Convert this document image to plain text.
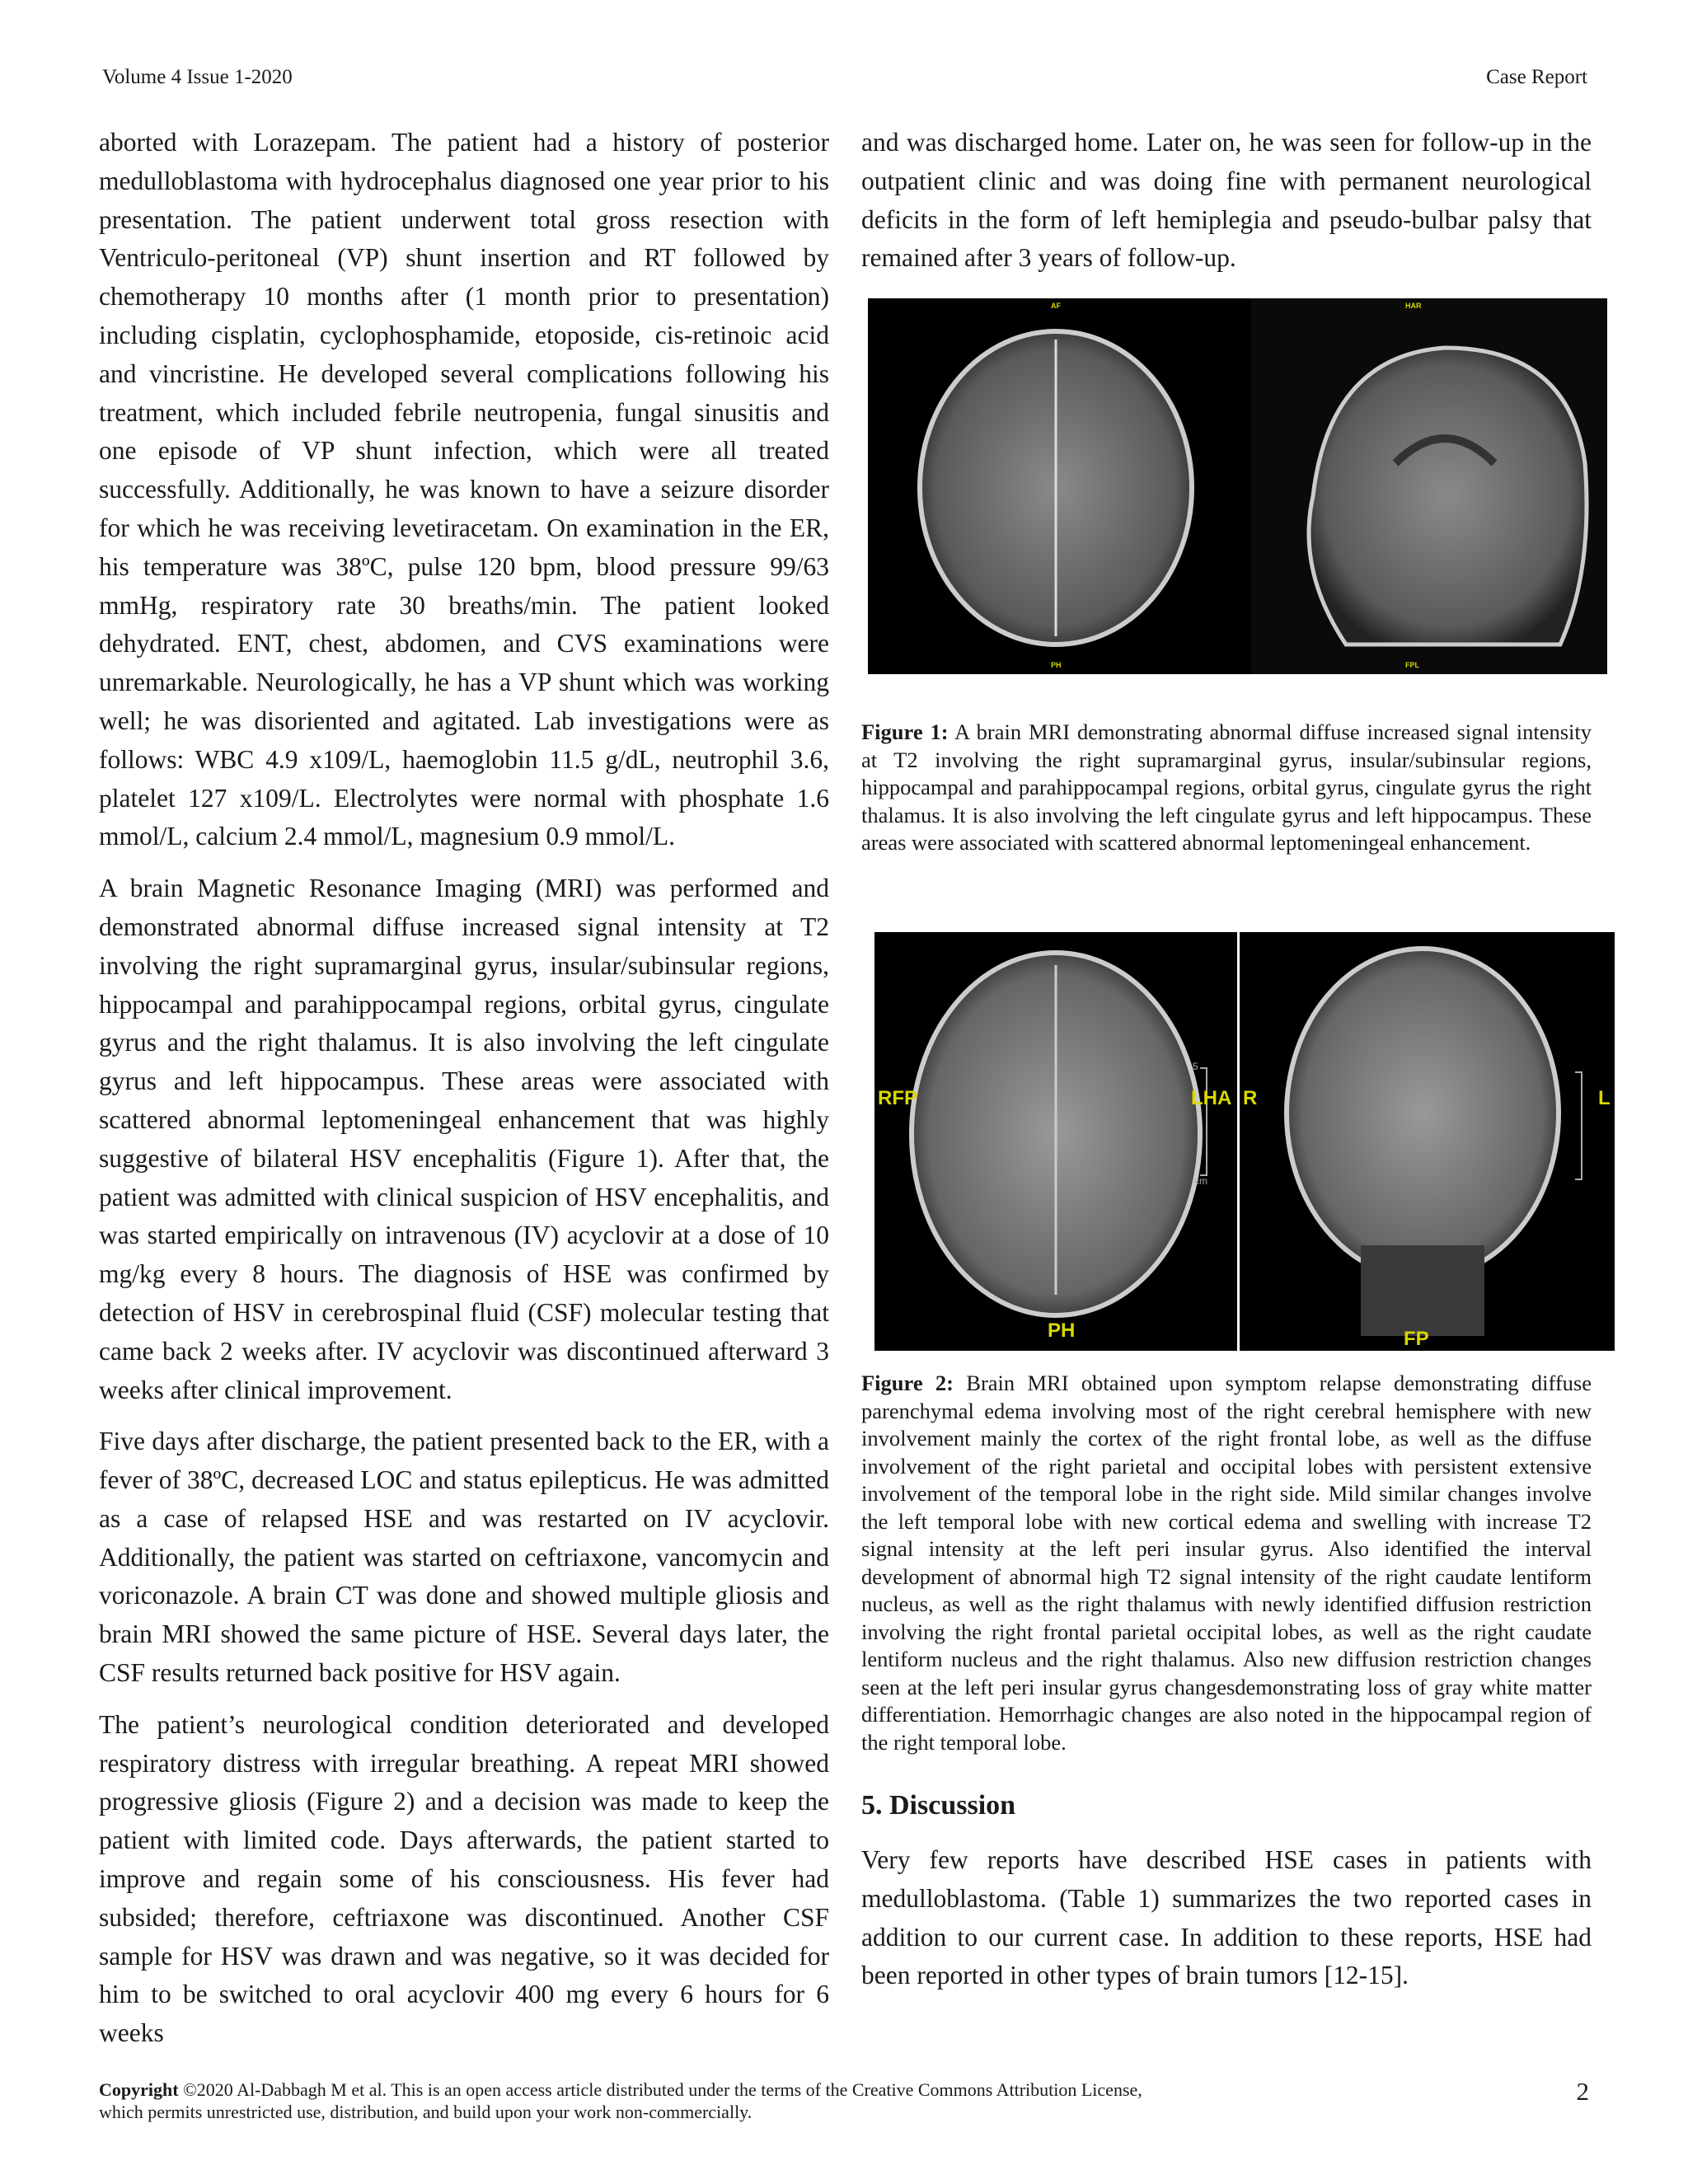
Volume 4 Issue 1-2020	Case Report

aborted with Lorazepam. The patient had a history of posterior medulloblastoma with hydrocephalus diagnosed one year prior to his presentation. The patient underwent total gross resection with Ventriculo-peritoneal (VP) shunt insertion and RT followed by chemotherapy 10 months after (1 month prior to presentation) including cisplatin, cyclophosphamide, etoposide, cis-retinoic acid and vincristine. He developed several complications following his treatment, which included febrile neutropenia, fungal sinusitis and one episode of VP shunt infection, which were all treated successfully. Additionally, he was known to have a seizure disorder for which he was receiving levetiracetam. On examination in the ER, his temperature was 38ºC, pulse 120 bpm, blood pressure 99/63 mmHg, respiratory rate 30 breaths/min. The patient looked dehydrated. ENT, chest, abdomen, and CVS examinations were unremarkable. Neurologically, he has a VP shunt which was working well; he was disoriented and agitated. Lab investigations were as follows: WBC 4.9 x109/L, haemoglobin 11.5 g/dL, neutrophil 3.6, platelet 127 x109/L. Electrolytes were normal with phosphate 1.6 mmol/L, calcium 2.4 mmol/L, magnesium 0.9 mmol/L.

A brain Magnetic Resonance Imaging (MRI) was performed and demonstrated abnormal diffuse increased signal intensity at T2 involving the right supramarginal gyrus, insular/subinsular regions, hippocampal and parahippocampal regions, orbital gyrus, cingulate gyrus and the right thalamus. It is also involving the left cingulate gyrus and left hippocampus. These areas were associated with scattered abnormal leptomeningeal enhancement that was highly suggestive of bilateral HSV encephalitis (Figure 1). After that, the patient was admitted with clinical suspicion of HSV encephalitis, and was started empirically on intravenous (IV) acyclovir at a dose of 10 mg/kg every 8 hours. The diagnosis of HSE was confirmed by detection of HSV in cerebrospinal fluid (CSF) molecular testing that came back 2 weeks after. IV acyclovir was discontinued afterward 3 weeks after clinical improvement.

Five days after discharge, the patient presented back to the ER, with a fever of 38ºC, decreased LOC and status epilepticus. He was admitted as a case of relapsed HSE and was restarted on IV acyclovir. Additionally, the patient was started on ceftriaxone, vancomycin and voriconazole. A brain CT was done and showed multiple gliosis and brain MRI showed the same picture of HSE. Several days later, the CSF results returned back positive for HSV again.

The patient’s neurological condition deteriorated and developed respiratory distress with irregular breathing. A repeat MRI showed progressive gliosis (Figure 2) and a decision was made to keep the patient with limited code. Days afterwards, the patient started to improve and regain some of his consciousness. His fever had subsided; therefore, ceftriaxone was discontinued. Another CSF sample for HSV was drawn and was negative, so it was decided for him to be switched to oral acyclovir 400 mg every 6 hours for 6 weeks

and was discharged home. Later on, he was seen for follow-up in the outpatient clinic and was doing fine with permanent neurological deficits in the form of left hemiplegia and pseudo-bulbar palsy that remained after 3 years of follow-up.

AF
PH
HAR
FPL
Figure 1: A brain MRI demonstrating abnormal diffuse increased signal intensity at T2 involving the right supramarginal gyrus, insular/subinsular regions, hippocampal and parahippocampal regions, orbital gyrus, cingulate gyrus the right thalamus. It is also involving the left cingulate gyrus and left hippocampus. These areas were associated with scattered abnormal leptomeningeal enhancement.
RFP	LHA
PH
R	L
FP
5
cm
Figure 2: Brain MRI obtained upon symptom relapse demonstrating diffuse parenchymal edema involving most of the right cerebral hemisphere with new involvement mainly the cortex of the right frontal lobe, as well as the diffuse involvement of the right parietal and occipital lobes with persistent extensive involvement of the temporal lobe in the right side. Mild similar changes involve the left temporal lobe with new cortical edema and swelling with increase T2 signal intensity at the left peri insular gyrus. Also identified the interval development of abnormal high T2 signal intensity of the right caudate lentiform nucleus, as well as the right thalamus with newly identified diffusion restriction involving the right frontal parietal occipital lobes, as well as the right caudate lentiform nucleus and the right thalamus. Also new diffusion restriction changes seen at the left peri insular gyrus changesdemonstrating loss of gray white matter differentiation. Hemorrhagic changes are also noted in the hippocampal region of the right temporal lobe.
5. Discussion

Very few reports have described HSE cases in patients with medulloblastoma. (Table 1) summarizes the two reported cases in addition to our current case. In addition to these reports, HSE had been reported in other types of brain tumors [12-15].

Copyright ©2020 Al-Dabbagh M et al. This is an open access article distributed under the terms of the Creative Commons Attribution License, which permits unrestricted use, distribution, and build upon your work non-commercially.
2
